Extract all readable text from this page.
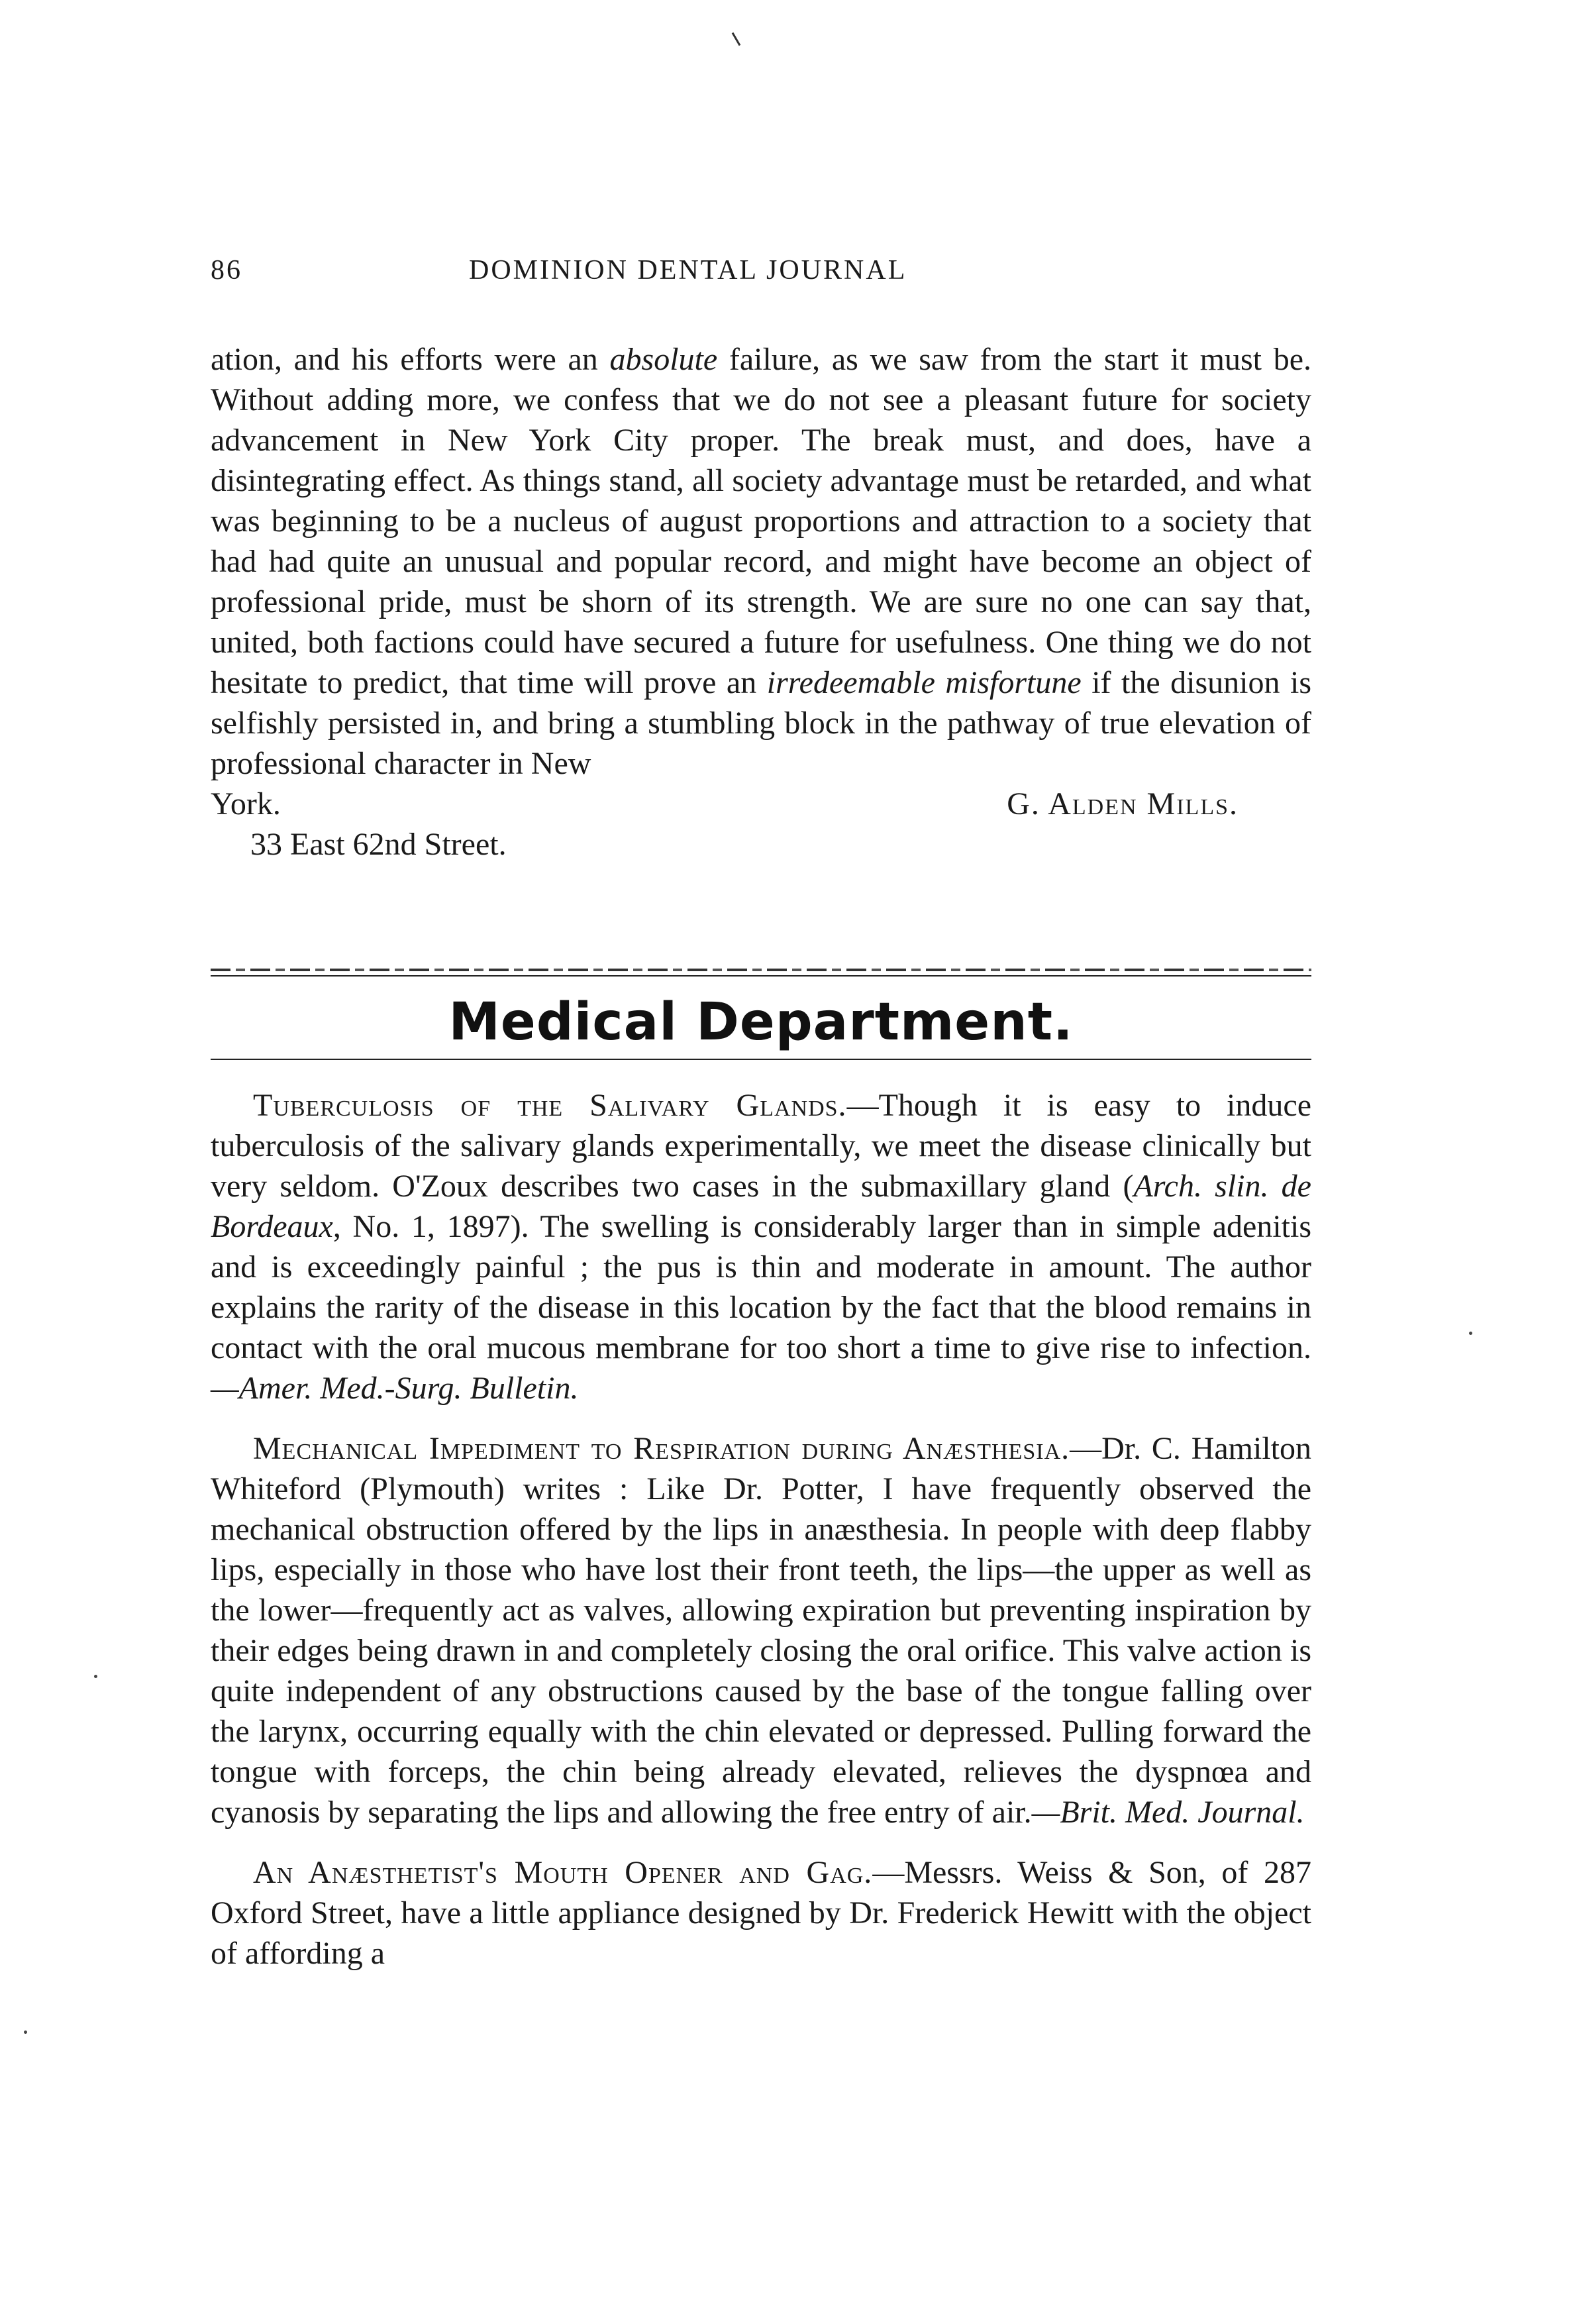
86	DOMINION DENTAL JOURNAL

ation, and his efforts were an absolute failure, as we saw from the start it must be. Without adding more, we confess that we do not see a pleasant future for society advancement in New York City proper. The break must, and does, have a disintegrating effect. As things stand, all society advantage must be retarded, and what was beginning to be a nucleus of august proportions and attraction to a society that had had quite an unusual and popular record, and might have become an object of professional pride, must be shorn of its strength. We are sure no one can say that, united, both factions could have secured a future for usefulness. One thing we do not hesitate to predict, that time will prove an irredeemable misfortune if the disunion is selfishly persisted in, and bring a stumbling block in the pathway of true elevation of professional character in New

York.	G. Alden Mills.
33 East 62nd Street.
Medical Department.

Tuberculosis of the Salivary Glands.—Though it is easy to induce tuberculosis of the salivary glands experimentally, we meet the disease clinically but very seldom. O'Zoux describes two cases in the submaxillary gland (Arch. slin. de Bordeaux, No. 1, 1897). The swelling is considerably larger than in simple adenitis and is exceedingly painful ; the pus is thin and moderate in amount. The author explains the rarity of the disease in this location by the fact that the blood remains in contact with the oral mucous membrane for too short a time to give rise to infection. —Amer. Med.-Surg. Bulletin.

Mechanical Impediment to Respiration during Anæsthesia.—Dr. C. Hamilton Whiteford (Plymouth) writes : Like Dr. Potter, I have frequently observed the mechanical obstruction offered by the lips in anæsthesia. In people with deep flabby lips, especially in those who have lost their front teeth, the lips—the upper as well as the lower—frequently act as valves, allowing expiration but preventing inspiration by their edges being drawn in and completely closing the oral orifice. This valve action is quite independent of any obstructions caused by the base of the tongue falling over the larynx, occurring equally with the chin elevated or depressed. Pulling forward the tongue with forceps, the chin being already elevated, relieves the dyspnœa and cyanosis by separating the lips and allowing the free entry of air.—Brit. Med. Journal.

An Anæsthetist's Mouth Opener and Gag.—Messrs. Weiss & Son, of 287 Oxford Street, have a little appliance designed by Dr. Frederick Hewitt with the object of affording a
